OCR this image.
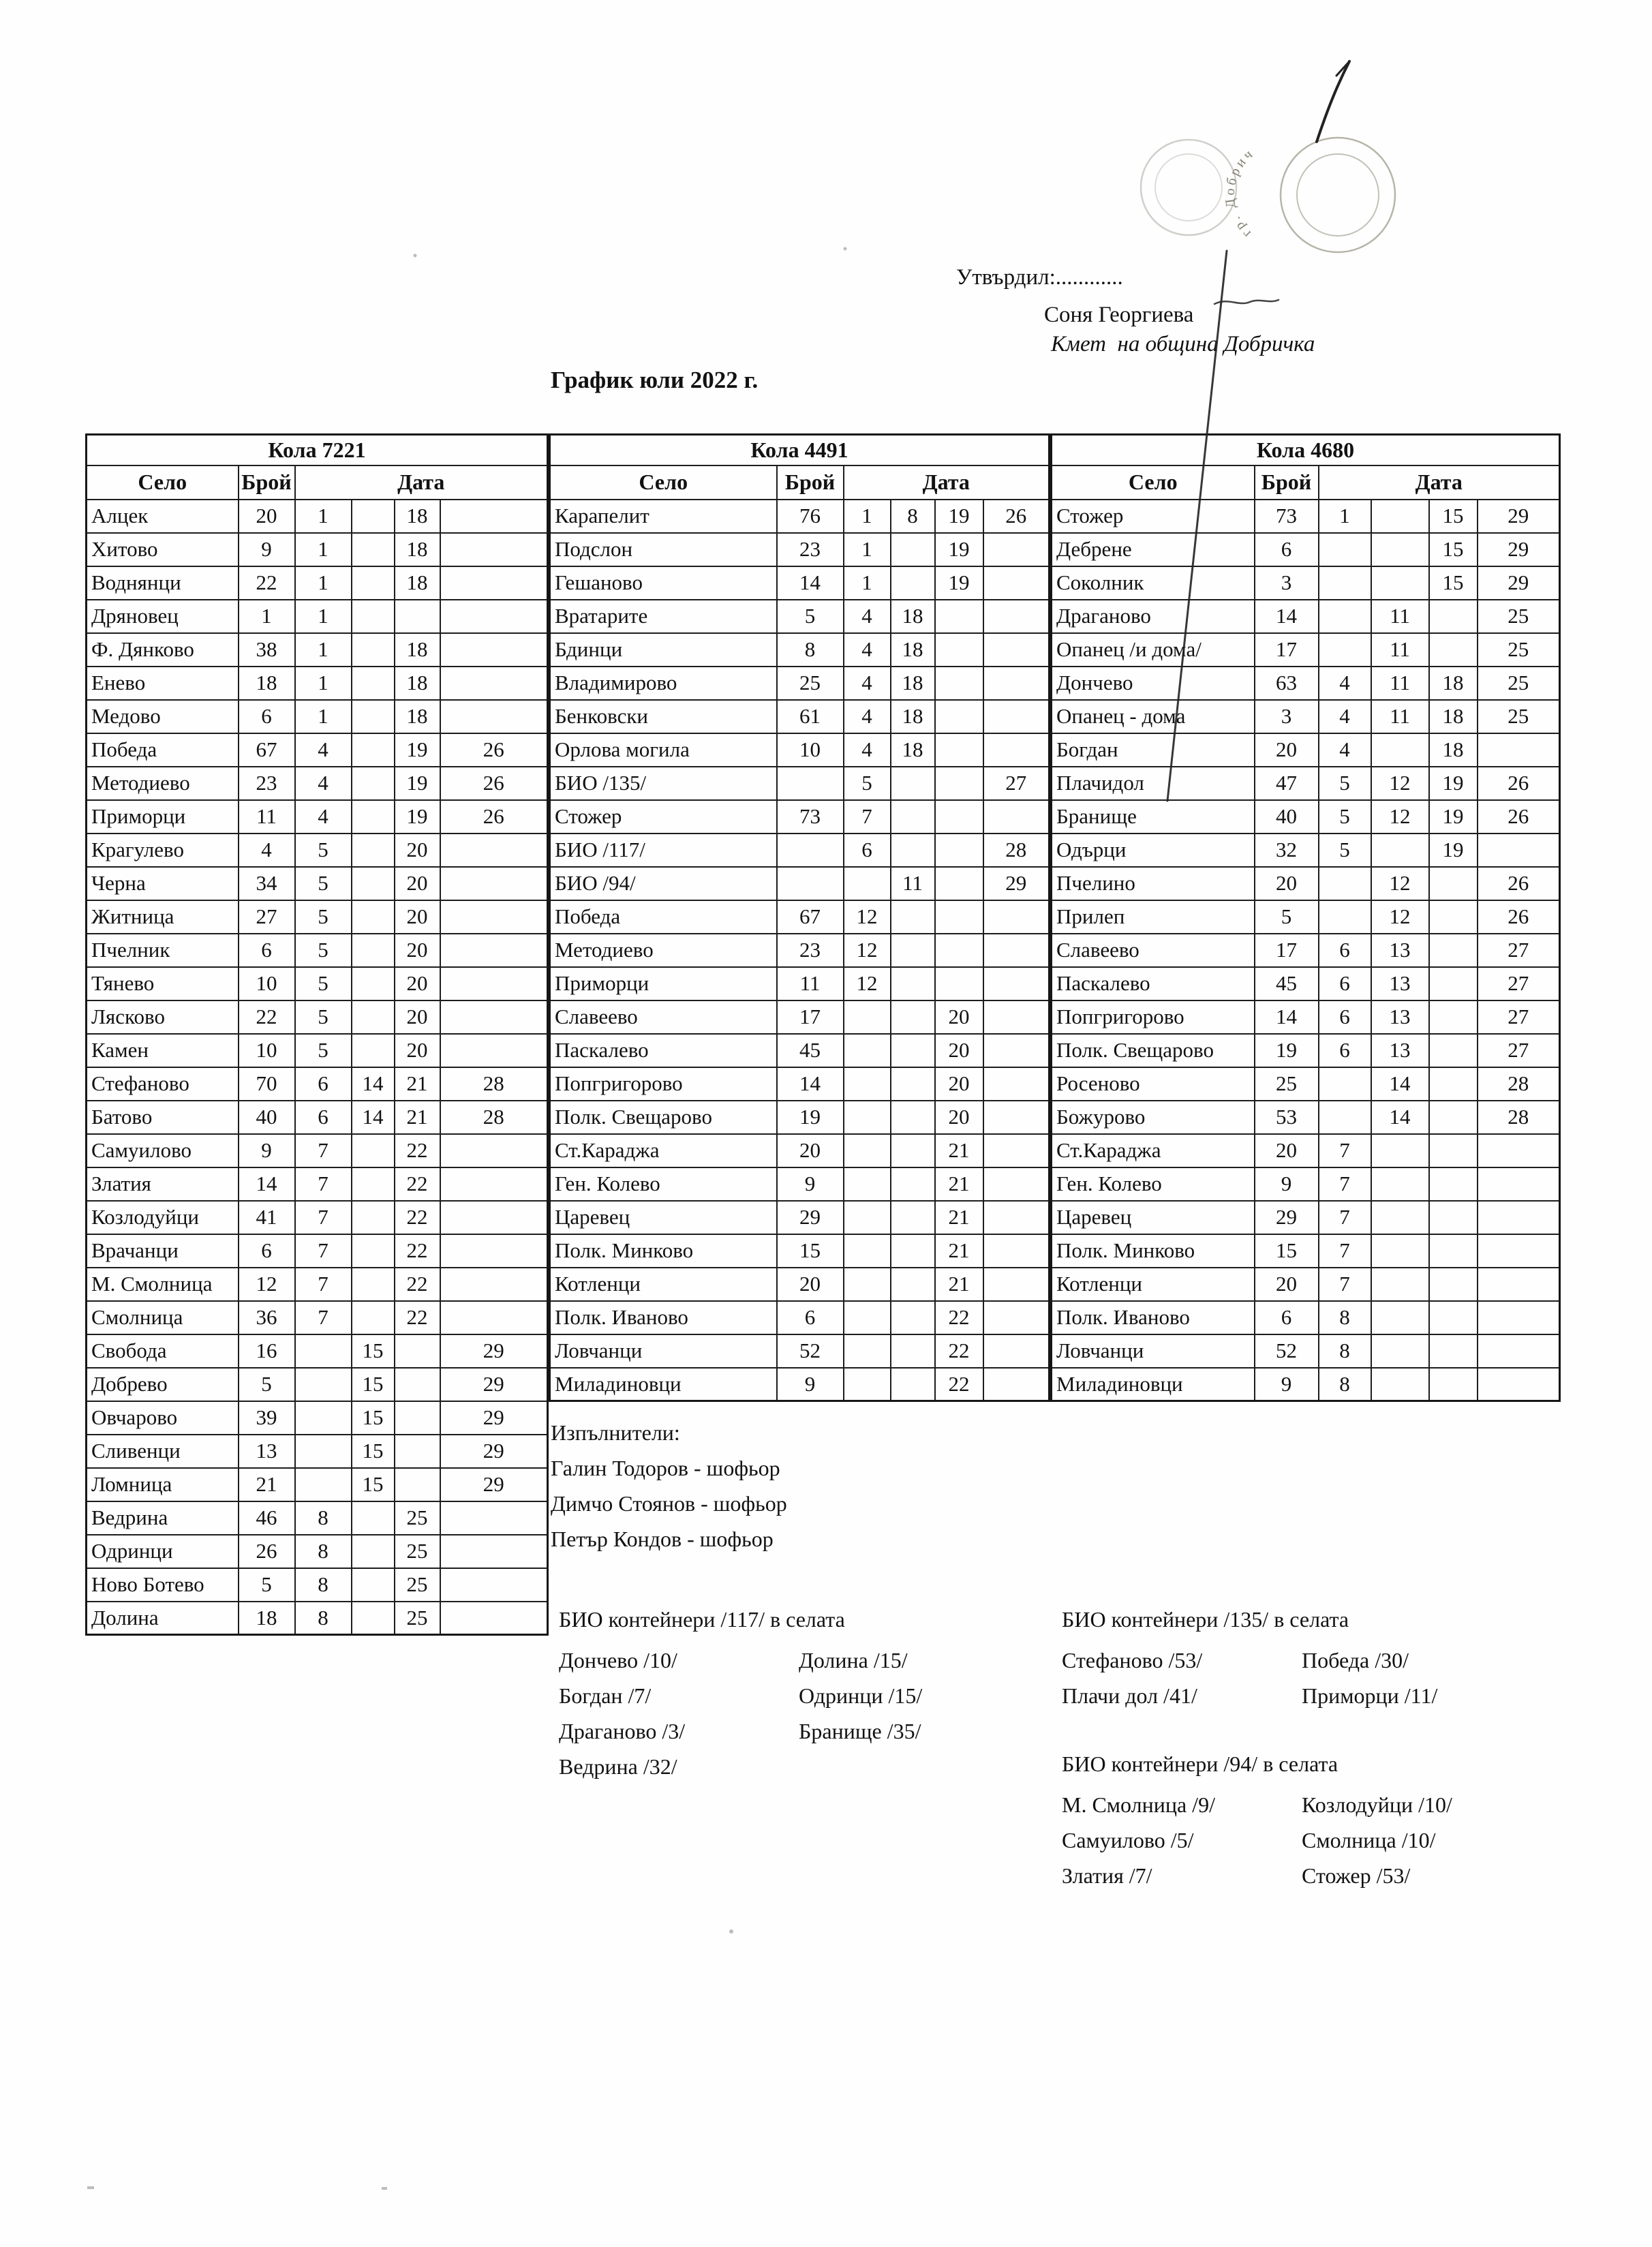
Утвърдил:............
Соня Георгиева
Кмет  на община Добричка
График юли 2022 г.
Кола 7221					
Село	Брой	Дата			
Алцек	20	1		18	
Хитово	9	1		18	
Воднянци	22	1		18	
Дряновец	1	1			
Ф. Дянково	38	1		18	
Енево	18	1		18	
Медово	6	1		18	
Победа	67	4		19	26
Методиево	23	4		19	26
Приморци	11	4		19	26
Крагулево	4	5		20	
Черна	34	5		20	
Житница	27	5		20	
Пчелник	6	5		20	
Тянево	10	5		20	
Лясково	22	5		20	
Камен	10	5		20	
Стефаново	70	6	14	21	28
Батово	40	6	14	21	28
Самуилово	9	7		22	
Златия	14	7		22	
Козлодуйци	41	7		22	
Врачанци	6	7		22	
М. Смолница	12	7		22	
Смолница	36	7		22	
Свобода	16		15		29
Добрево	5		15		29
Овчарово	39		15		29
Сливенци	13		15		29
Ломница	21		15		29
Ведрина	46	8		25	
Одринци	26	8		25	
Ново Ботево	5	8		25	
Долина	18	8		25	
Кола 4491					
Село	Брой	Дата			
Карапелит	76	1	8	19	26
Подслон	23	1		19	
Гешаново	14	1		19	
Вратарите	5	4	18		
Бдинци	8	4	18		
Владимирово	25	4	18		
Бенковски	61	4	18		
Орлова могила	10	4	18		
БИО /135/		5			27
Стожер	73	7			
БИО /117/		6			28
БИО /94/			11		29
Победа	67	12			
Методиево	23	12			
Приморци	11	12			
Славеево	17			20	
Паскалево	45			20	
Попгригорово	14			20	
Полк. Свещарово	19			20	
Ст.Караджа	20			21	
Ген. Колево	9			21	
Царевец	29			21	
Полк. Минково	15			21	
Котленци	20			21	
Полк. Иваново	6			22	
Ловчанци	52			22	
Миладиновци	9			22	
Кола 4680					
Село	Брой	Дата			
Стожер	73	1		15	29
Дебрене	6			15	29
Соколник	3			15	29
Драганово	14		11		25
Опанец /и дома/	17		11		25
Дончево	63	4	11	18	25
Опанец - дома	3	4	11	18	25
Богдан	20	4		18	
Плачидол	47	5	12	19	26
Бранище	40	5	12	19	26
Одърци	32	5		19	
Пчелино	20		12		26
Прилеп	5		12		26
Славеево	17	6	13		27
Паскалево	45	6	13		27
Попгригорово	14	6	13		27
Полк. Свещарово	19	6	13		27
Росеново	25		14		28
Божурово	53		14		28
Ст.Караджа	20	7			
Ген. Колево	9	7			
Царевец	29	7			
Полк. Минково	15	7			
Котленци	20	7			
Полк. Иваново	6	8			
Ловчанци	52	8			
Миладиновци	9	8			
Изпълнители:
Галин Тодоров - шофьор
Димчо Стоянов - шофьор
Петър Кондов - шофьор
БИО контейнери /117/ в селата
Дончево /10/	Долина /15/
Богдан /7/	Одринци /15/
Драганово /3/	Бранище /35/
Ведрина /32/
БИО контейнери /135/ в селата
Стефаново /53/	Победа /30/
Плачи дол /41/	Приморци /11/
БИО контейнери /94/ в селата
М. Смолница /9/	Козлодуйци /10/
Самуилово /5/	Смолница /10/
Златия /7/	Стожер /53/
гр. Добрич
